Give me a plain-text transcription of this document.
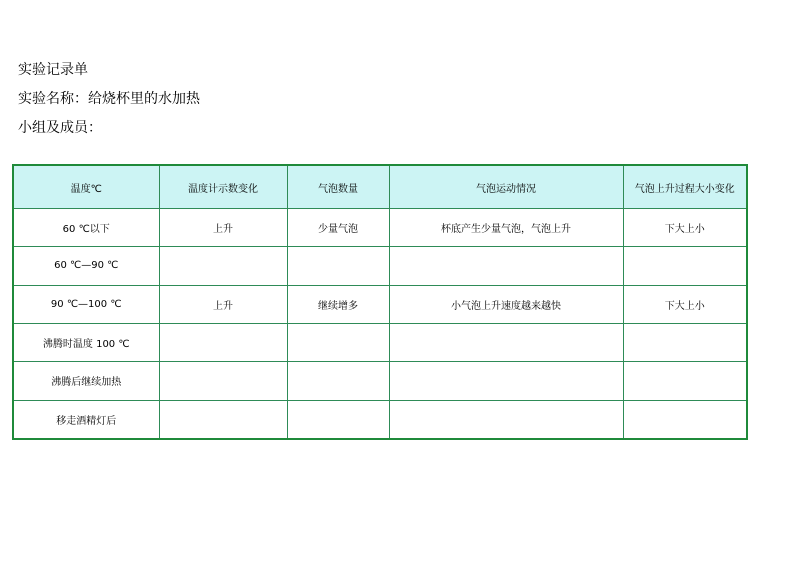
实验记录单
实验名称：给烧杯里的水加热
小组及成员：
温度℃	温度计示数变化	气泡数量	气泡运动情况	气泡上升过程大小变化
60 ℃以下	上升	少量气泡	杯底产生少量气泡，气泡上升	下大上小
60 ℃—90 ℃				
90 ℃—100 ℃	上升	继续增多	小气泡上升速度越来越快	下大上小
沸腾时温度 100 ℃				
沸腾后继续加热				
移走酒精灯后				
